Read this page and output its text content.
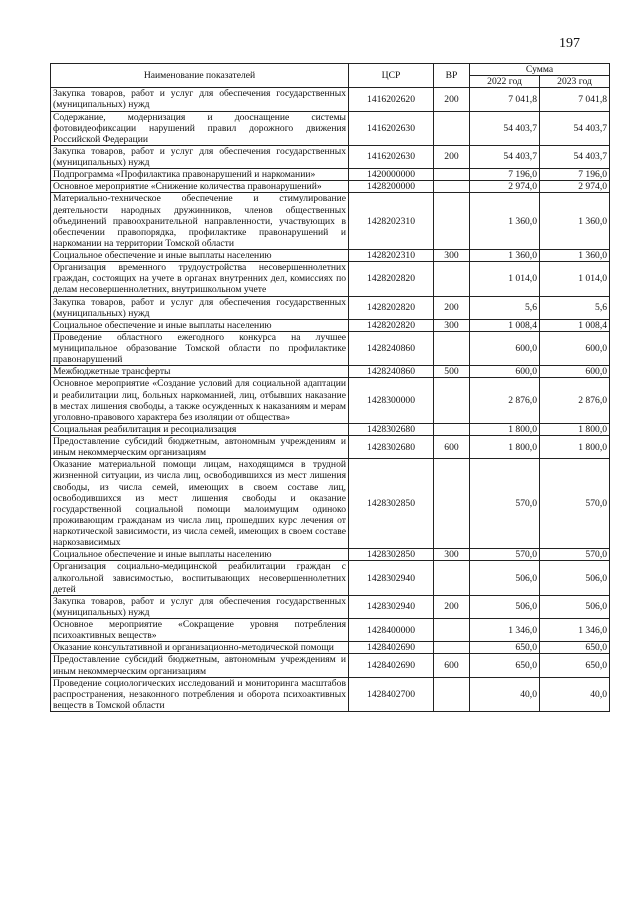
197
Наименование показателей	ЦСР	ВР	Сумма	
			2022 год	2023 год
Закупка товаров, работ и услуг для обеспечения государственных (муниципальных) нужд	1416202620	200	7 041,8	7 041,8
Содержание, модернизация и дооснащение системы фотовидеофиксации нарушений правил дорожного движения Российской Федерации	1416202630		54 403,7	54 403,7
Закупка товаров, работ и услуг для обеспечения государственных (муниципальных) нужд	1416202630	200	54 403,7	54 403,7
Подпрограмма «Профилактика правонарушений и наркомании»	1420000000		7 196,0	7 196,0
Основное мероприятие «Снижение количества правонарушений»	1428200000		2 974,0	2 974,0
Материально-техническое обеспечение и стимулирование деятельности народных дружинников, членов общественных объединений правоохранительной направленности, участвующих в обеспечении правопорядка, профилактике правонарушений и наркомании на территории Томской области	1428202310		1 360,0	1 360,0
Социальное обеспечение и иные выплаты населению	1428202310	300	1 360,0	1 360,0
Организация временного трудоустройства несовершеннолетних граждан, состоящих на учете в органах внутренних дел, комиссиях по делам несовершеннолетних, внутришкольном учете	1428202820		1 014,0	1 014,0
Закупка товаров, работ и услуг для обеспечения государственных (муниципальных) нужд	1428202820	200	5,6	5,6
Социальное обеспечение и иные выплаты населению	1428202820	300	1 008,4	1 008,4
Проведение областного ежегодного конкурса на лучшее муниципальное образование Томской области по профилактике правонарушений	1428240860		600,0	600,0
Межбюджетные трансферты	1428240860	500	600,0	600,0
Основное мероприятие «Создание условий для социальной адаптации и реабилитации лиц, больных наркоманией, лиц, отбывших наказание в местах лишения свободы, а также осужденных к наказаниям и мерам уголовно-правового характера без изоляции от общества»	1428300000		2 876,0	2 876,0
Социальная реабилитация и ресоциализация	1428302680		1 800,0	1 800,0
Предоставление субсидий бюджетным, автономным учреждениям и иным некоммерческим организациям	1428302680	600	1 800,0	1 800,0
Оказание материальной помощи лицам, находящимся в трудной жизненной ситуации, из числа лиц, освободившихся из мест лишения свободы, из числа семей, имеющих в своем составе лиц, освободившихся из мест лишения свободы и оказание государственной социальной помощи малоимущим одиноко проживающим гражданам из числа лиц, прошедших курс лечения от наркотической зависимости, из числа семей, имеющих в своем составе наркозависимых	1428302850		570,0	570,0
Социальное обеспечение и иные выплаты населению	1428302850	300	570,0	570,0
Организация социально-медицинской реабилитации граждан с алкогольной зависимостью, воспитывающих несовершеннолетних детей	1428302940		506,0	506,0
Закупка товаров, работ и услуг для обеспечения государственных (муниципальных) нужд	1428302940	200	506,0	506,0
Основное мероприятие «Сокращение уровня потребления психоактивных веществ»	1428400000		1 346,0	1 346,0
Оказание консультативной и организационно-методической помощи	1428402690		650,0	650,0
Предоставление субсидий бюджетным, автономным учреждениям и иным некоммерческим организациям	1428402690	600	650,0	650,0
Проведение социологических исследований и мониторинга масштабов распространения, незаконного потребления и оборота психоактивных веществ в Томской области	1428402700		40,0	40,0
